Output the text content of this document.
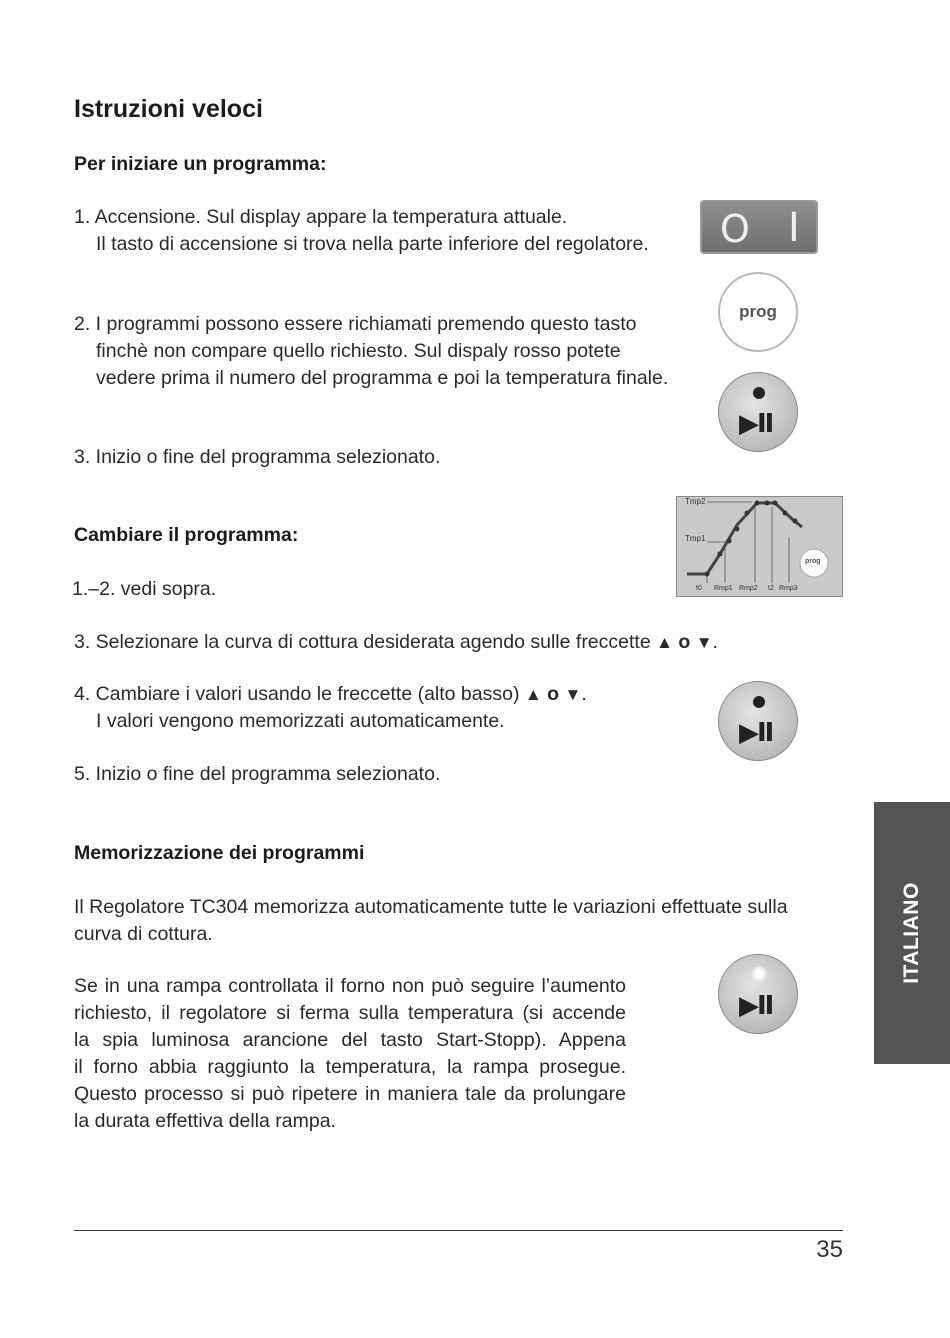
Istruzioni veloci
Per iniziare un programma:
1. Accensione. Sul display appare la temperatura attuale.
Il tasto di accensione si trova nella parte inferiore del regolatore.
2. I programmi possono essere richiamati premendo questo tasto
finchè non compare quello richiesto. Sul dispaly rosso potete
vedere prima il numero del programma e poi la temperatura finale.
3. Inizio o fine del programma selezionato.
Cambiare il programma:
1.–2. vedi sopra.
3. Selezionare la curva di cottura desiderata agendo sulle freccette ▲ o ▼.
4. Cambiare i valori usando le freccette (alto basso) ▲ o ▼.
I valori vengono memorizzati automaticamente.
5. Inizio o fine del programma selezionato.
Memorizzazione dei programmi
Il Regolatore TC304 memorizza automaticamente tutte le variazioni effettuate sulla
curva di cottura.
Se in una rampa controllata il forno non può seguire l’aumento
richiesto, il regolatore si ferma sulla temperatura (si accende
la spia luminosa arancione del tasto Start-Stopp). Appena
il forno abbia raggiunto la temperatura, la rampa prosegue.
Questo processo si può ripetere in maniera tale da prolungare
la durata effettiva della rampa.
O I
prog
▶II
▶II
▶II
Tmp2
Tmp1
t0 Rmp1 Rmp2 t2 Rmp3
prog
ITALIANO
35
